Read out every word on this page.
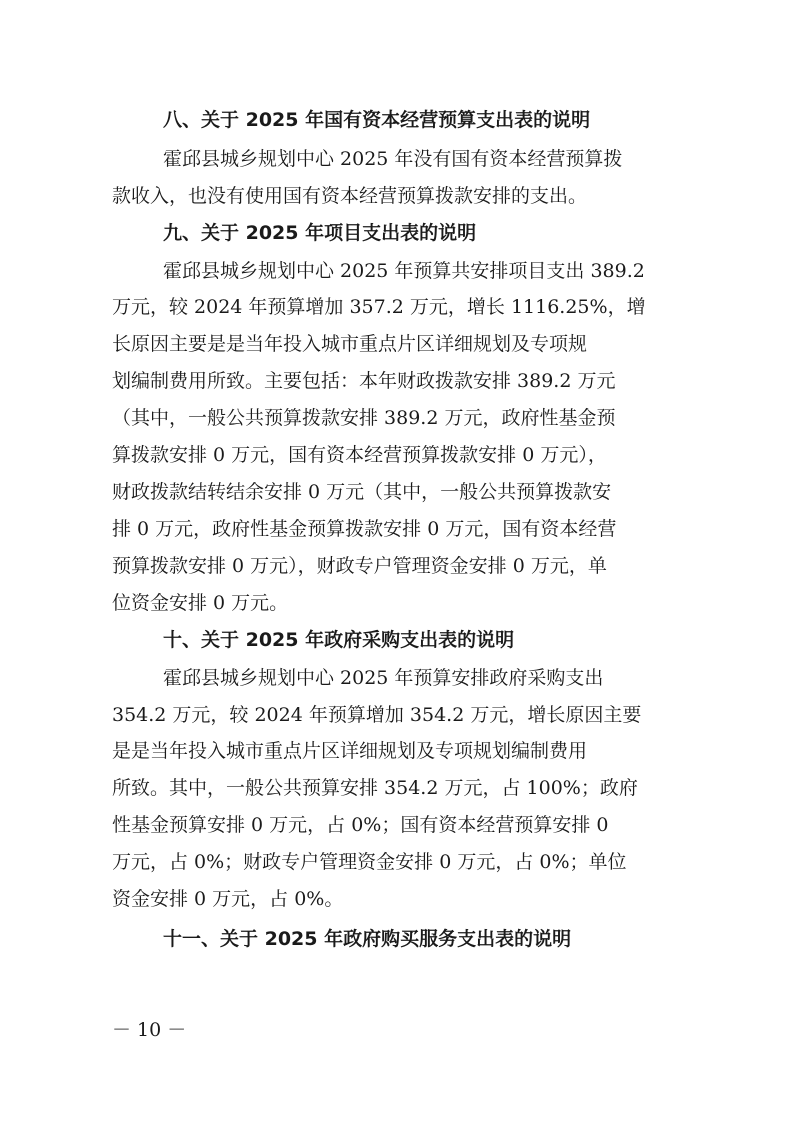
八、关于 2025 年国有资本经营预算支出表的说明
霍邱县城乡规划中心 2025 年没有国有资本经营预算拨
款收入，也没有使用国有资本经营预算拨款安排的支出。
九、关于 2025 年项目支出表的说明
霍邱县城乡规划中心 2025 年预算共安排项目支出 389.2
万元，较 2024 年预算增加 357.2 万元，增长 1116.25%，增
长原因主要是是当年投入城市重点片区详细规划及专项规
划编制费用所致。主要包括：本年财政拨款安排 389.2 万元
（其中，一般公共预算拨款安排 389.2 万元，政府性基金预
算拨款安排 0 万元，国有资本经营预算拨款安排 0 万元），
财政拨款结转结余安排 0 万元（其中，一般公共预算拨款安
排 0 万元，政府性基金预算拨款安排 0 万元，国有资本经营
预算拨款安排 0 万元），财政专户管理资金安排 0 万元，单
位资金安排 0 万元。
十、关于 2025 年政府采购支出表的说明
霍邱县城乡规划中心 2025 年预算安排政府采购支出
354.2 万元，较 2024 年预算增加 354.2 万元，增长原因主要
是是当年投入城市重点片区详细规划及专项规划编制费用
所致。其中，一般公共预算安排 354.2 万元，占 100%；政府
性基金预算安排 0 万元，占 0%；国有资本经营预算安排 0
万元，占 0%；财政专户管理资金安排 0 万元，占 0%；单位
资金安排 0 万元，占 0%。
十一、关于 2025 年政府购买服务支出表的说明
－ 10 －
